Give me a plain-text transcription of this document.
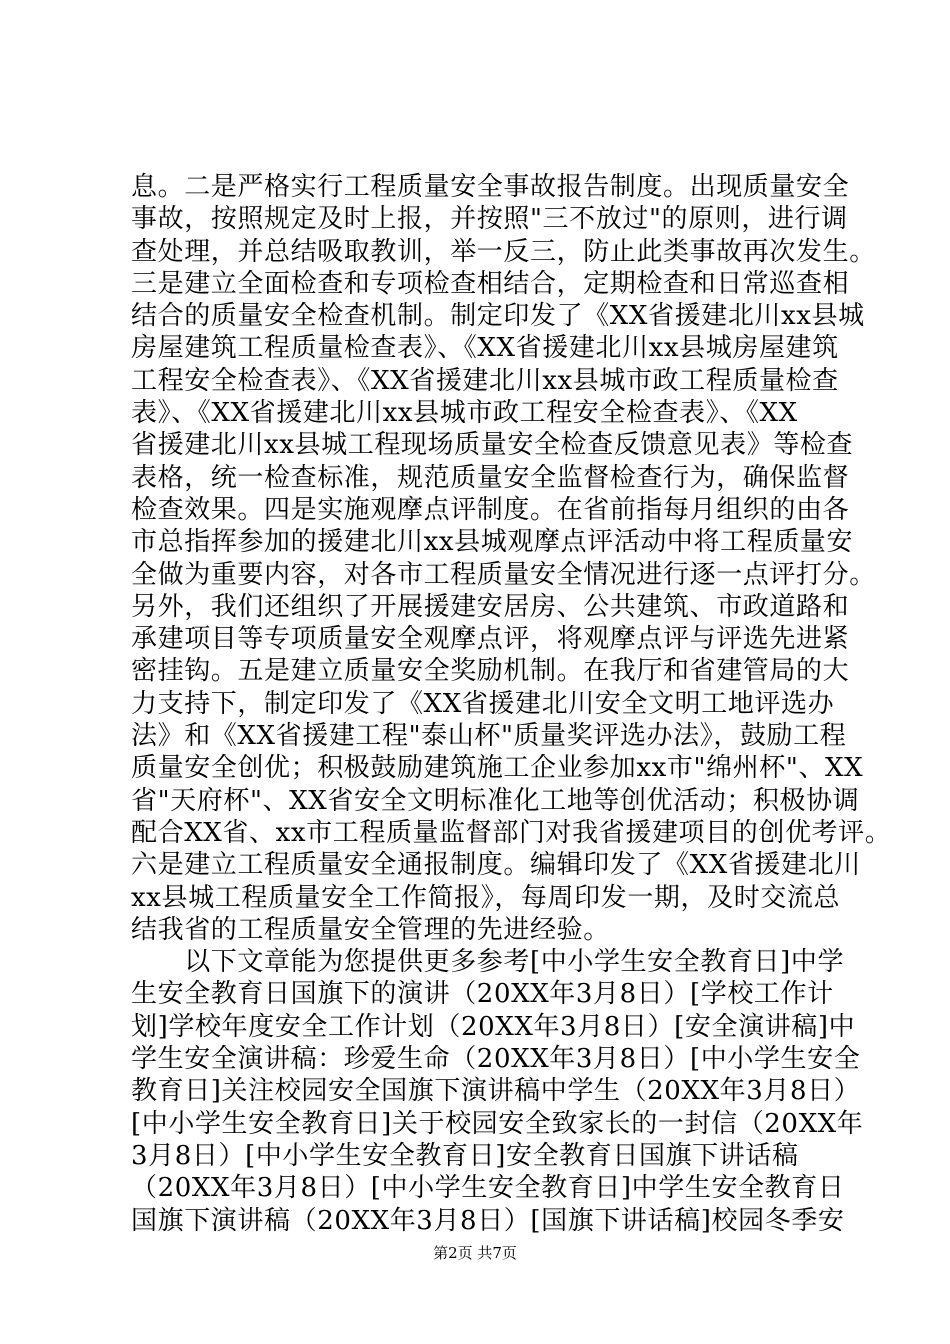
息。二是严格实行工程质量安全事故报告制度。出现质量安全
事故，按照规定及时上报，并按照"三不放过"的原则，进行调
查处理，并总结吸取教训，举一反三，防止此类事故再次发生。
三是建立全面检查和专项检查相结合，定期检查和日常巡查相
结合的质量安全检查机制。制定印发了《XX省援建北川xx县城
房屋建筑工程质量检查表》、《XX省援建北川xx县城房屋建筑
工程安全检查表》、《XX省援建北川xx县城市政工程质量检查
表》、《XX省援建北川xx县城市政工程安全检查表》、《XX
省援建北川xx县城工程现场质量安全检查反馈意见表》等检查
表格，统一检查标准，规范质量安全监督检查行为，确保监督
检查效果。四是实施观摩点评制度。在省前指每月组织的由各
市总指挥参加的援建北川xx县城观摩点评活动中将工程质量安
全做为重要内容，对各市工程质量安全情况进行逐一点评打分。
另外，我们还组织了开展援建安居房、公共建筑、市政道路和
承建项目等专项质量安全观摩点评，将观摩点评与评选先进紧
密挂钩。五是建立质量安全奖励机制。在我厅和省建管局的大
力支持下，制定印发了《XX省援建北川安全文明工地评选办
法》和《XX省援建工程"泰山杯"质量奖评选办法》，鼓励工程
质量安全创优；积极鼓励建筑施工企业参加xx市"绵州杯"、XX
省"天府杯"、XX省安全文明标准化工地等创优活动；积极协调
配合XX省、xx市工程质量监督部门对我省援建项目的创优考评。
六是建立工程质量安全通报制度。编辑印发了《XX省援建北川
xx县城工程质量安全工作简报》，每周印发一期，及时交流总
结我省的工程质量安全管理的先进经验。

　　以下文章能为您提供更多参考[中小学生安全教育日]中学
生安全教育日国旗下的演讲（20XX年3月8日）[学校工作计
划]学校年度安全工作计划（20XX年3月8日）[安全演讲稿]中
学生安全演讲稿：珍爱生命（20XX年3月8日）[中小学生安全
教育日]关注校园安全国旗下演讲稿中学生（20XX年3月8日）
[中小学生安全教育日]关于校园安全致家长的一封信（20XX年
3月8日）[中小学生安全教育日]安全教育日国旗下讲话稿
（20XX年3月8日）[中小学生安全教育日]中学生安全教育日
国旗下演讲稿（20XX年3月8日）[国旗下讲话稿]校园冬季安

第2页 共7页
